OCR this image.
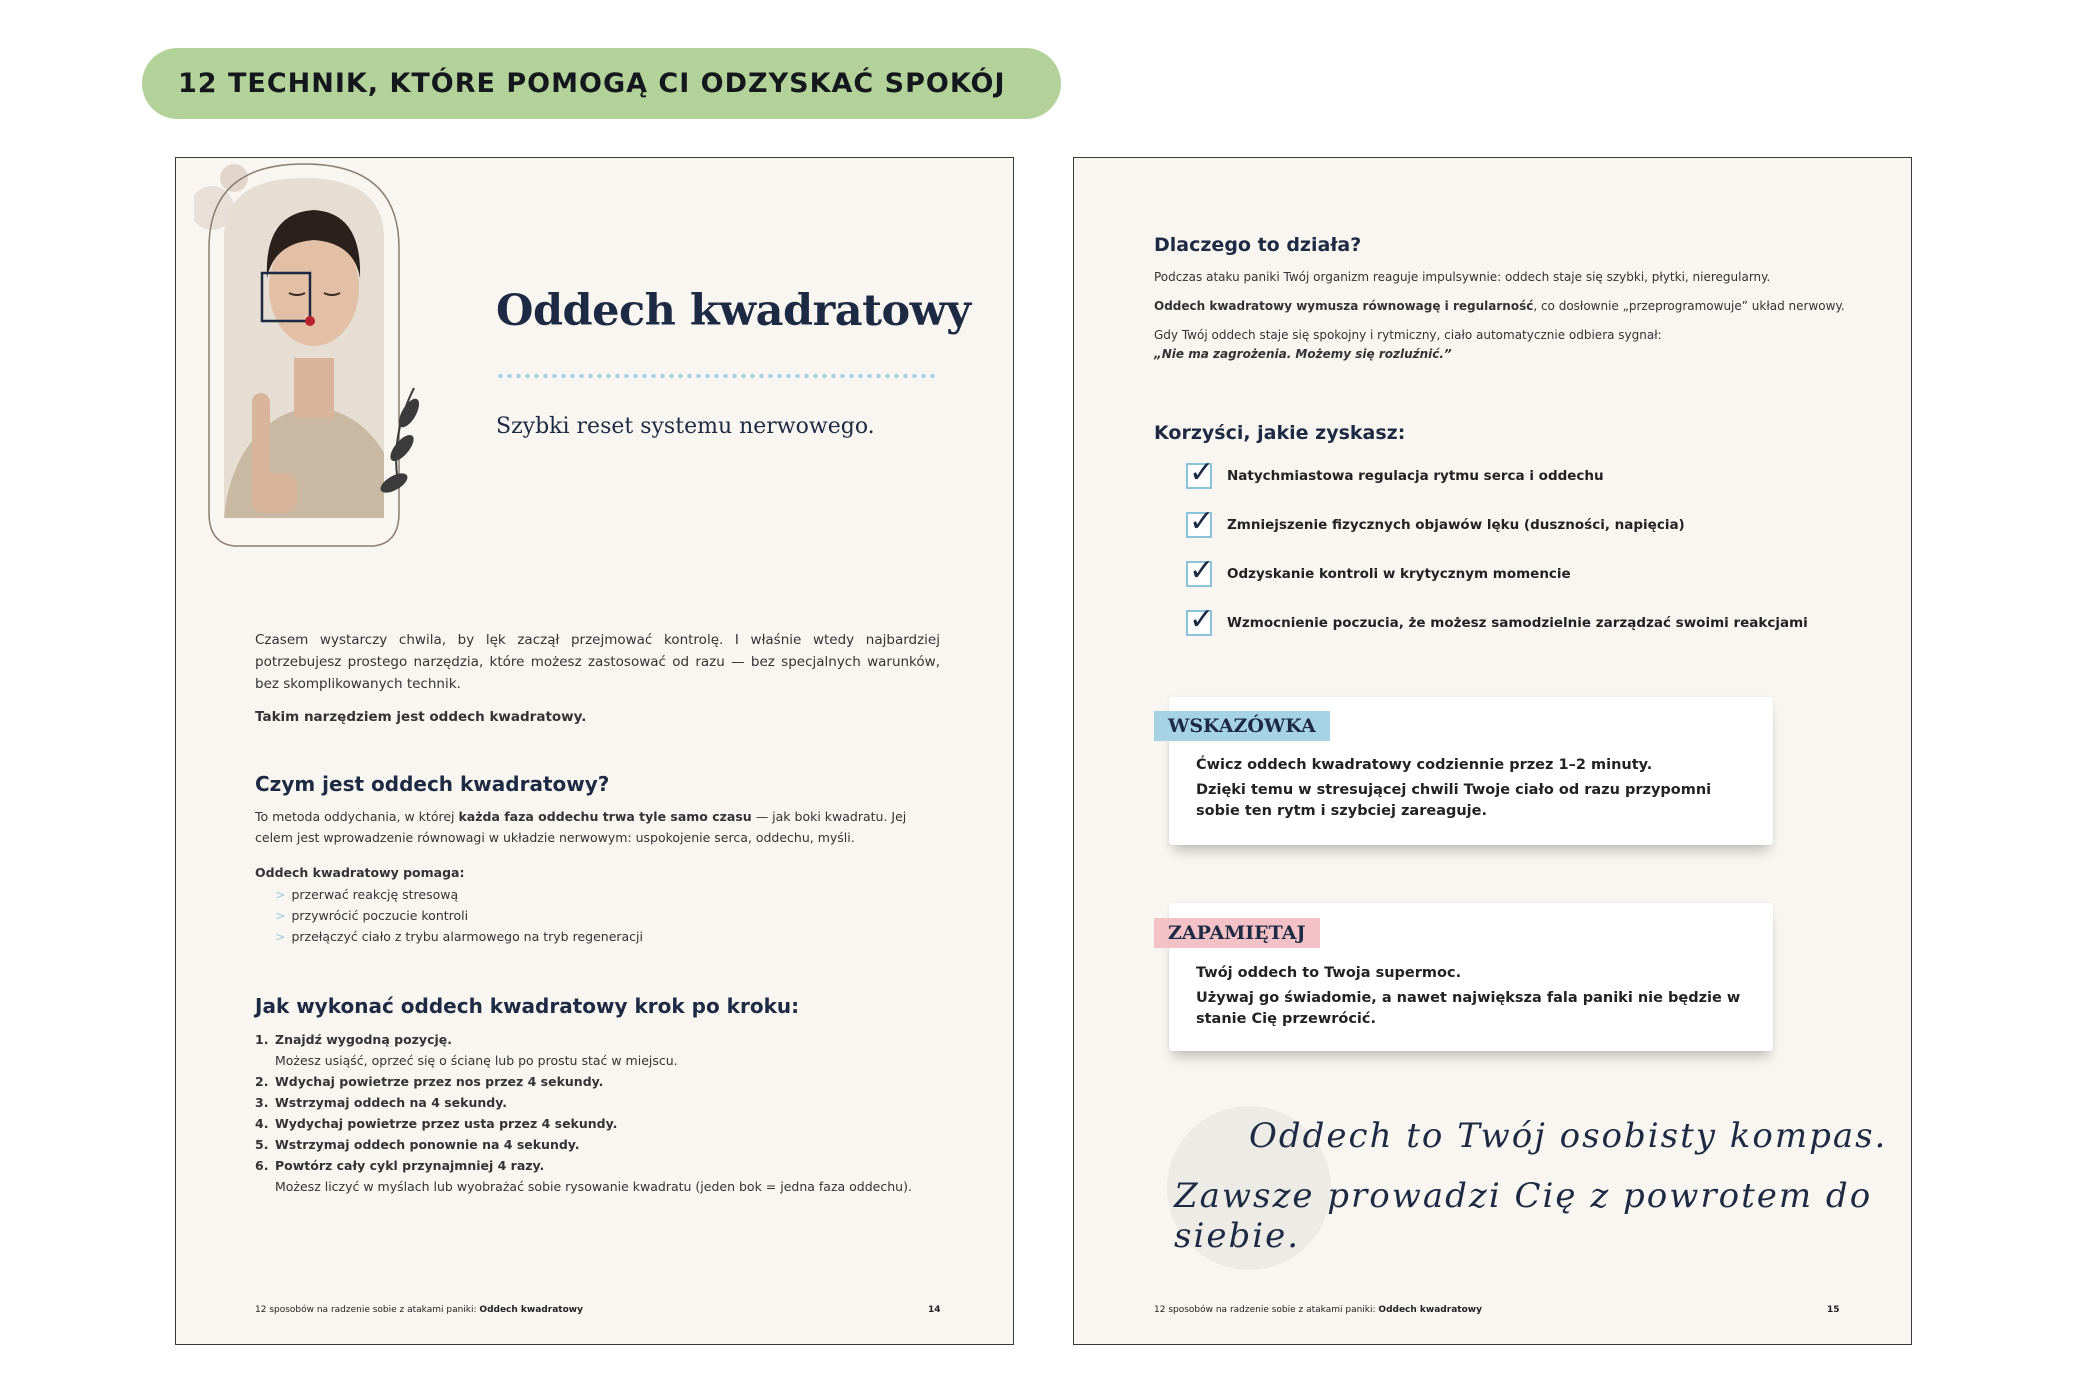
12 TECHNIK, KTÓRE POMOGĄ CI ODZYSKAĆ SPOKÓJ
Oddech kwadratowy
Szybki reset systemu nerwowego.
Czasem wystarczy chwila, by lęk zaczął przejmować kontrolę. I właśnie wtedy najbardziej potrzebujesz prostego narzędzia, które możesz zastosować od razu — bez specjalnych warunków, bez skomplikowanych technik.
Takim narzędziem jest oddech kwadratowy.
Czym jest oddech kwadratowy?
To metoda oddychania, w której każda faza oddechu trwa tyle samo czasu — jak boki kwadratu. Jej celem jest wprowadzenie równowagi w układzie nerwowym: uspokojenie serca, oddechu, myśli.
Oddech kwadratowy pomaga:
> przerwać reakcję stresową
> przywrócić poczucie kontroli
> przełączyć ciało z trybu alarmowego na tryb regeneracji
Jak wykonać oddech kwadratowy krok po kroku:
1. Znajdź wygodną pozycję.
Możesz usiąść, oprzeć się o ścianę lub po prostu stać w miejscu.
2. Wdychaj powietrze przez nos przez 4 sekundy.
3. Wstrzymaj oddech na 4 sekundy.
4. Wydychaj powietrze przez usta przez 4 sekundy.
5. Wstrzymaj oddech ponownie na 4 sekundy.
6. Powtórz cały cykl przynajmniej 4 razy.
Możesz liczyć w myślach lub wyobrażać sobie rysowanie kwadratu (jeden bok = jedna faza oddechu).
12 sposobów na radzenie sobie z atakami paniki: Oddech kwadratowy	14
Dlaczego to działa?
Podczas ataku paniki Twój organizm reaguje impulsywnie: oddech staje się szybki, płytki, nieregularny.
Oddech kwadratowy wymusza równowagę i regularność, co dosłownie „przeprogramowuje” układ nerwowy.
Gdy Twój oddech staje się spokojny i rytmiczny, ciało automatycznie odbiera sygnał:
„Nie ma zagrożenia. Możemy się rozluźnić.”
Korzyści, jakie zyskasz:
✓ Natychmiastowa regulacja rytmu serca i oddechu
✓ Zmniejszenie fizycznych objawów lęku (duszności, napięcia)
✓ Odzyskanie kontroli w krytycznym momencie
✓ Wzmocnienie poczucia, że możesz samodzielnie zarządzać swoimi reakcjami
Ćwicz oddech kwadratowy codziennie przez 1–2 minuty.
Dzięki temu w stresującej chwili Twoje ciało od razu przypomni sobie ten rytm i szybciej zareaguje.
WSKAZÓWKA
Twój oddech to Twoja supermoc.
Używaj go świadomie, a nawet największa fala paniki nie będzie w stanie Cię przewrócić.
ZAPAMIĘTAJ
Oddech to Twój osobisty kompas.
Zawsze prowadzi Cię z powrotem do siebie.
12 sposobów na radzenie sobie z atakami paniki: Oddech kwadratowy	15
